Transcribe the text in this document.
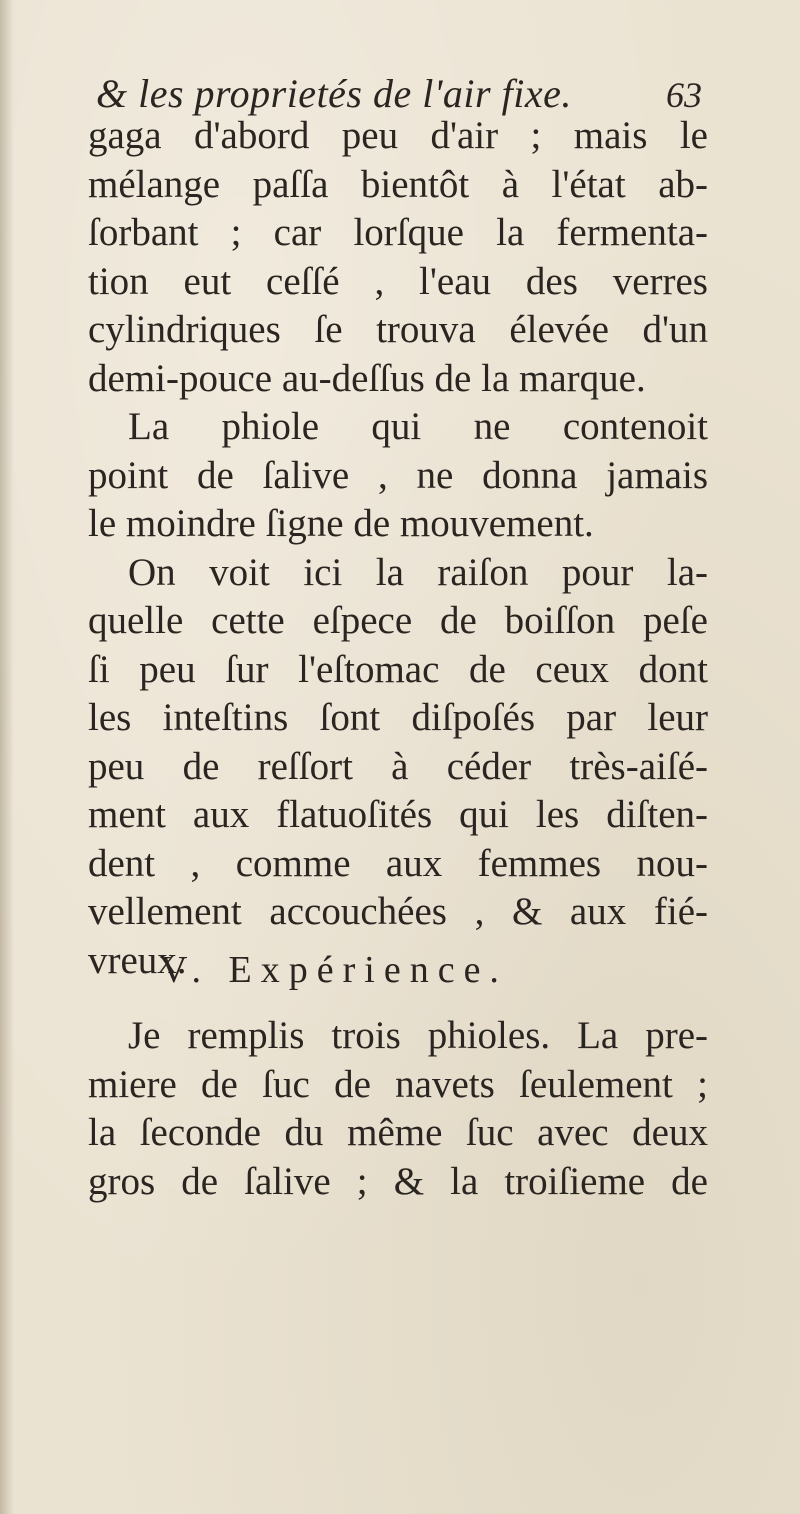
& les proprietés de l'air fixe.	63
gaga d'abord peu d'air ; mais le
mélange paſſa bientôt à l'état ab-
ſorbant ; car lorſque la fermenta-
tion eut ceſſé , l'eau des verres
cylindriques ſe trouva élevée d'un
demi-pouce au-deſſus de la marque.
La phiole qui ne contenoit
point de ſalive , ne donna jamais
le moindre ſigne de mouvement.
On voit ici la raiſon pour la-
quelle cette eſpece de boiſſon peſe
ſi peu ſur l'eſtomac de ceux dont
les inteſtins ſont diſpoſés par leur
peu de reſſort à céder très-aiſé-
ment aux flatuoſités qui les diſten-
dent , comme aux femmes nou-
vellement accouchées , & aux fié-
vreux.
V. Expérience.
Je remplis trois phioles. La pre-
miere de ſuc de navets ſeulement ;
la ſeconde du même ſuc avec deux
gros de ſalive ; & la troiſieme de
